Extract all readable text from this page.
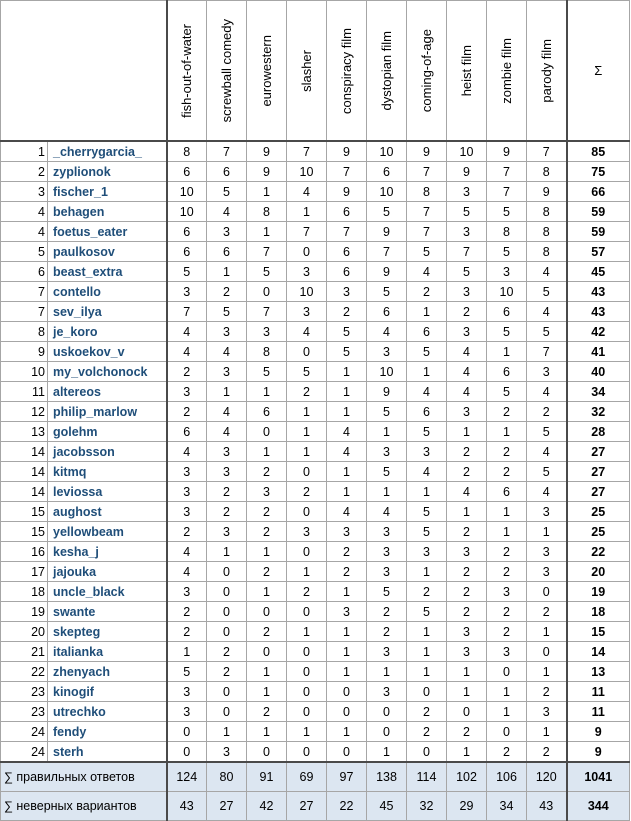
		fish-out-of-water	screwball comedy	eurowestern	slasher	conspiracy film	dystopian film	coming-of-age	heist film	zombie film	parody film	Σ
1	_cherrygarcia_	8	7	9	7	9	10	9	10	9	7	85
2	zyplionok	6	6	9	10	7	6	7	9	7	8	75
3	fischer_1	10	5	1	4	9	10	8	3	7	9	66
4	behagen	10	4	8	1	6	5	7	5	5	8	59
4	foetus_eater	6	3	1	7	7	9	7	3	8	8	59
5	paulkosov	6	6	7	0	6	7	5	7	5	8	57
6	beast_extra	5	1	5	3	6	9	4	5	3	4	45
7	contello	3	2	0	10	3	5	2	3	10	5	43
7	sev_ilya	7	5	7	3	2	6	1	2	6	4	43
8	je_koro	4	3	3	4	5	4	6	3	5	5	42
9	uskoekov_v	4	4	8	0	5	3	5	4	1	7	41
10	my_volchonock	2	3	5	5	1	10	1	4	6	3	40
11	altereos	3	1	1	2	1	9	4	4	5	4	34
12	philip_marlow	2	4	6	1	1	5	6	3	2	2	32
13	golehm	6	4	0	1	4	1	5	1	1	5	28
14	jacobsson	4	3	1	1	4	3	3	2	2	4	27
14	kitmq	3	3	2	0	1	5	4	2	2	5	27
14	leviossa	3	2	3	2	1	1	1	4	6	4	27
15	aughost	3	2	2	0	4	4	5	1	1	3	25
15	yellowbeam	2	3	2	3	3	3	5	2	1	1	25
16	kesha_j	4	1	1	0	2	3	3	3	2	3	22
17	jajouka	4	0	2	1	2	3	1	2	2	3	20
18	uncle_black	3	0	1	2	1	5	2	2	3	0	19
19	swante	2	0	0	0	3	2	5	2	2	2	18
20	skepteg	2	0	2	1	1	2	1	3	2	1	15
21	italianka	1	2	0	0	1	3	1	3	3	0	14
22	zhenyach	5	2	1	0	1	1	1	1	0	1	13
23	kinogif	3	0	1	0	0	3	0	1	1	2	11
23	utrechko	3	0	2	0	0	0	2	0	1	3	11
24	fendy	0	1	1	1	1	0	2	2	0	1	9
24	sterh	0	3	0	0	0	1	0	1	2	2	9
∑ правильных ответов		124	80	91	69	97	138	114	102	106	120	1041
∑ неверных вариантов		43	27	42	27	22	45	32	29	34	43	344
